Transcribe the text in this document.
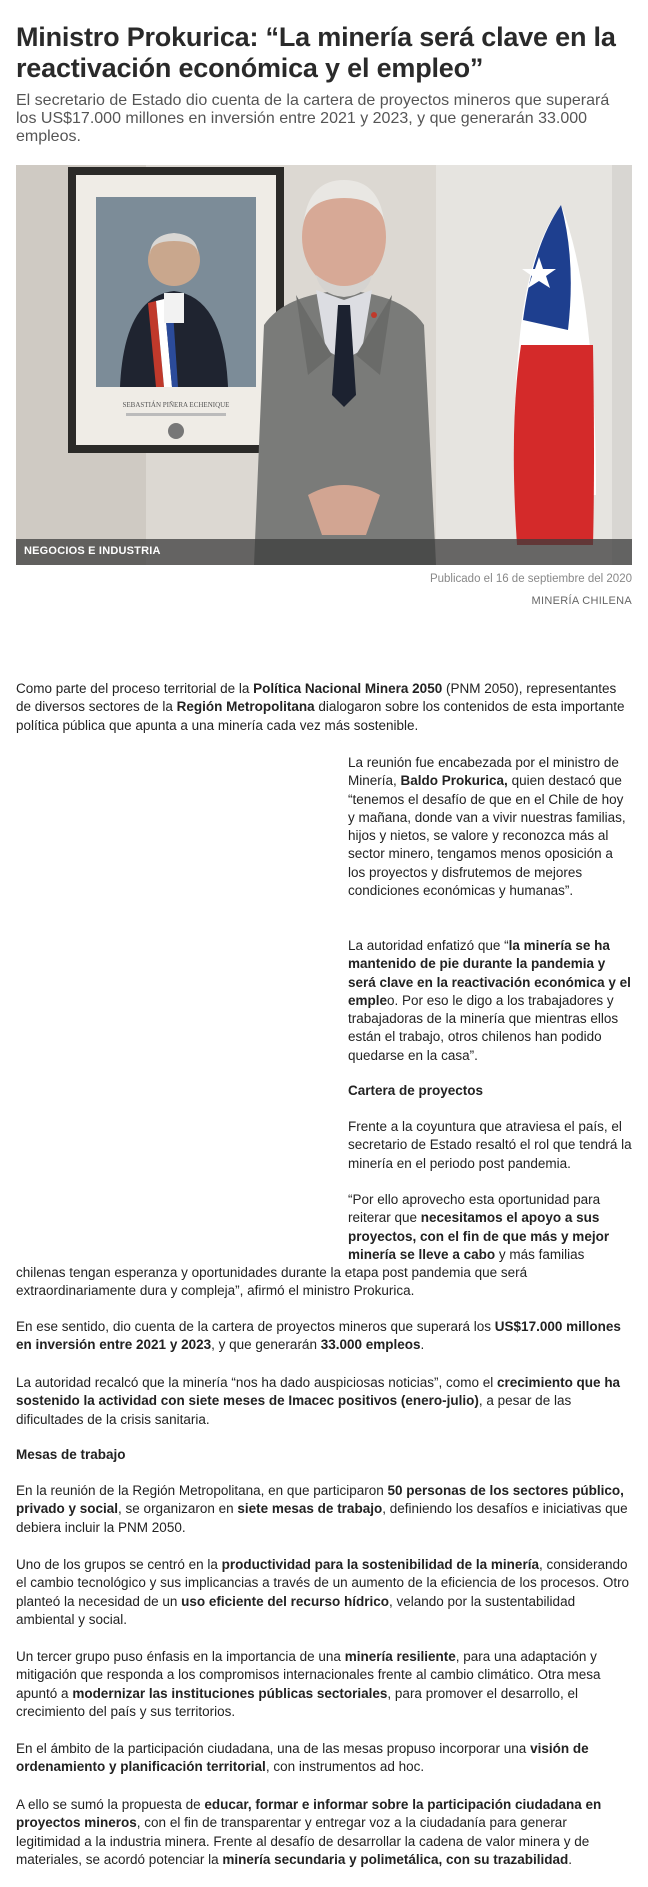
Ministro Prokurica: “La minería será clave en la reactivación económica y el empleo”
El secretario de Estado dio cuenta de la cartera de proyectos mineros que superará los US$17.000 millones en inversión entre 2021 y 2023, y que generarán 33.000 empleos.
SEBASTIÁN PIÑERA ECHENIQUE
NEGOCIOS E INDUSTRIA
Publicado el 16 de septiembre del 2020
MINERÍA CHILENA

Como parte del proceso territorial de la Política Nacional Minera 2050 (PNM 2050), representantes de diversos sectores de la Región Metropolitana dialogaron sobre los contenidos de esta importante política pública que apunta a una minería cada vez más sostenible.

La reunión fue encabezada por el ministro de Minería, Baldo Prokurica, quien destacó que “tenemos el desafío de que en el Chile de hoy y mañana, donde van a vivir nuestras familias, hijos y nietos, se valore y reconozca más al sector minero, tengamos menos oposición a los proyectos y disfrutemos de mejores condiciones económicas y humanas”.

La autoridad enfatizó que “la minería se ha mantenido de pie durante la pandemia y será clave en la reactivación económica y el empleo. Por eso le digo a los trabajadores y trabajadoras de la minería que mientras ellos están el trabajo, otros chilenos han podido quedarse en la casa”.

Cartera de proyectos

Frente a la coyuntura que atraviesa el país, el secretario de Estado resaltó el rol que tendrá la minería en el periodo post pandemia.

“Por ello aprovecho esta oportunidad para reiterar que necesitamos el apoyo a sus proyectos, con el fin de que más y mejor minería se lleve a cabo y más familias

chilenas tengan esperanza y oportunidades durante la etapa post pandemia que será extraordinariamente dura y compleja”, afirmó el ministro Prokurica.

En ese sentido, dio cuenta de la cartera de proyectos mineros que superará los US$17.000 millones en inversión entre 2021 y 2023, y que generarán 33.000 empleos.

La autoridad recalcó que la minería “nos ha dado auspiciosas noticias”, como el crecimiento que ha sostenido la actividad con siete meses de Imacec positivos (enero-julio), a pesar de las dificultades de la crisis sanitaria.

Mesas de trabajo

En la reunión de la Región Metropolitana, en que participaron 50 personas de los sectores público, privado y social, se organizaron en siete mesas de trabajo, definiendo los desafíos e iniciativas que debiera incluir la PNM 2050.

Uno de los grupos se centró en la productividad para la sostenibilidad de la minería, considerando el cambio tecnológico y sus implicancias a través de un aumento de la eficiencia de los procesos. Otro planteó la necesidad de un uso eficiente del recurso hídrico, velando por la sustentabilidad ambiental y social.

Un tercer grupo puso énfasis en la importancia de una minería resiliente, para una adaptación y mitigación que responda a los compromisos internacionales frente al cambio climático. Otra mesa apuntó a modernizar las instituciones públicas sectoriales, para promover el desarrollo, el crecimiento del país y sus territorios.

En el ámbito de la participación ciudadana, una de las mesas propuso incorporar una visión de ordenamiento y planificación territorial, con instrumentos ad hoc.

A ello se sumó la propuesta de educar, formar e informar sobre la participación ciudadana en proyectos mineros, con el fin de transparentar y entregar voz a la ciudadanía para generar legitimidad a la industria minera. Frente al desafío de desarrollar la cadena de valor minera y de materiales, se acordó potenciar la minería secundaria y polimetálica, con su trazabilidad.
